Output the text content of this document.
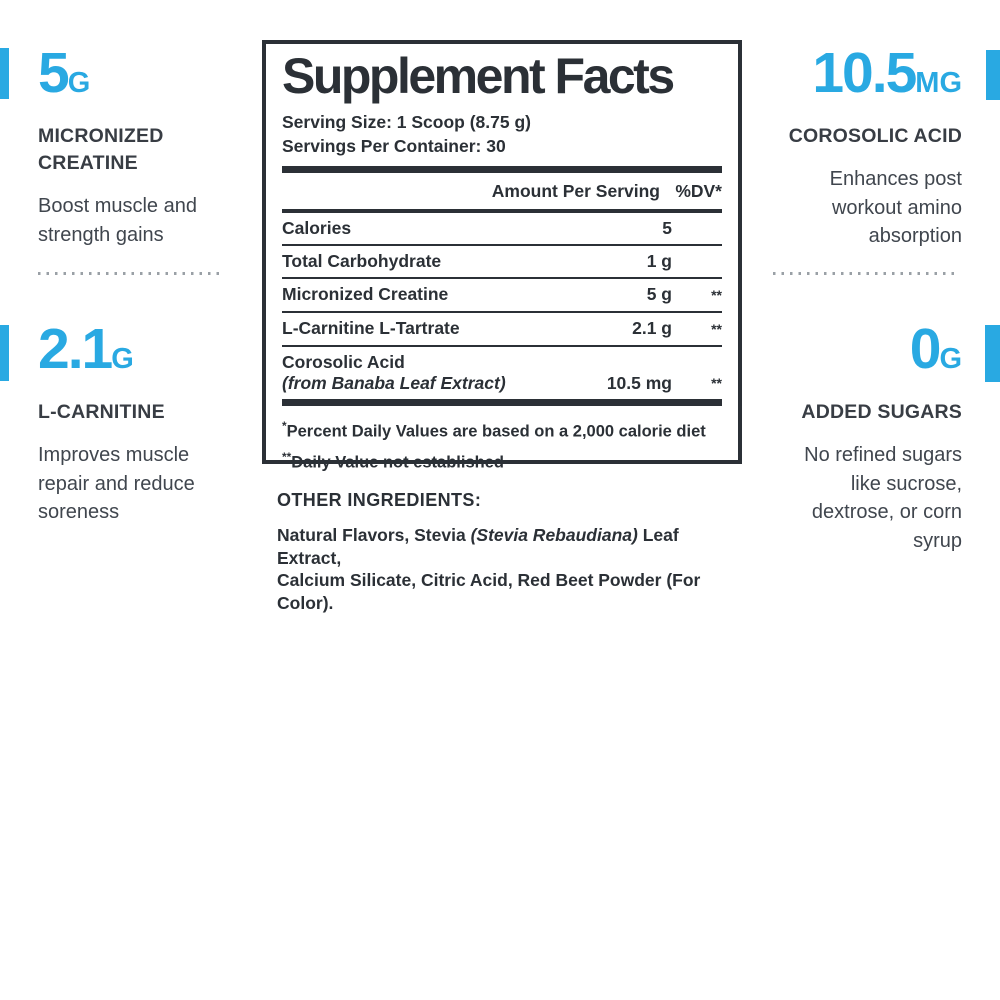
5G
MICRONIZED
CREATINE
Boost muscle and
strength gains
2.1G
L-CARNITINE
Improves muscle
repair and reduce
soreness
10.5MG
COROSOLIC ACID
Enhances post
workout amino
absorption
0G
ADDED SUGARS
No refined sugars
like sucrose,
dextrose, or corn
syrup
Supplement Facts
Serving Size: 1 Scoop (8.75 g)
Servings Per Container: 30
Amount Per Serving %DV*
Calories	5
Total Carbohydrate	1 g
Micronized Creatine	5 g	**
L-Carnitine L-Tartrate	2.1 g	**
Corosolic Acid
(from Banaba Leaf Extract)	10.5 mg	**
*Percent Daily Values are based on a 2,000 calorie diet
**Daily Value not established
OTHER INGREDIENTS:
Natural Flavors, Stevia (Stevia Rebaudiana) Leaf Extract,
Calcium Silicate, Citric Acid, Red Beet Powder (For Color).
